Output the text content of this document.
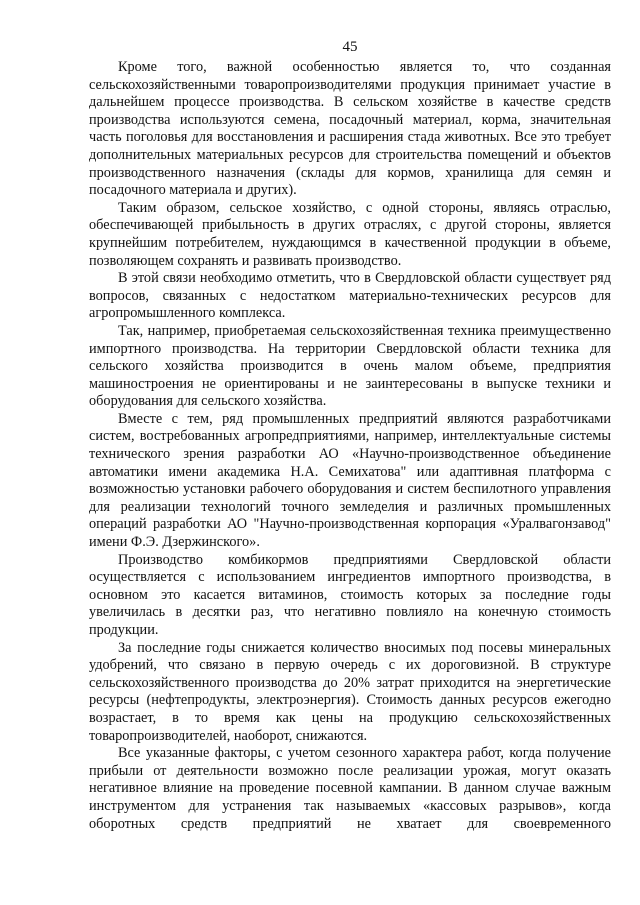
45

Кроме того, важной особенностью является то, что созданная сельскохозяйственными товаропроизводителями продукция принимает участие в дальнейшем процессе производства. В сельском хозяйстве в качестве средств производства используются семена, посадочный материал, корма, значительная часть поголовья для восстановления и расширения стада животных. Все это требует дополнительных материальных ресурсов для строительства помещений и объектов производственного назначения (склады для кормов, хранилища для семян и посадочного материала и других).

Таким образом, сельское хозяйство, с одной стороны, являясь отраслью, обеспечивающей прибыльность в других отраслях, с другой стороны, является крупнейшим потребителем, нуждающимся в качественной продукции в объеме, позволяющем сохранять и развивать производство.

В этой связи необходимо отметить, что в Свердловской области существует ряд вопросов, связанных с недостатком материально-технических ресурсов для агропромышленного комплекса.

Так, например, приобретаемая сельскохозяйственная техника преимущественно импортного производства. На территории Свердловской области техника для сельского хозяйства производится в очень малом объеме, предприятия машиностроения не ориентированы и не заинтересованы в выпуске техники и оборудования для сельского хозяйства.

Вместе с тем, ряд промышленных предприятий являются разработчиками систем, востребованных агропредприятиями, например, интеллектуальные системы технического зрения разработки АО «Научно-производственное объединение автоматики имени академика Н.А. Семихатова" или адаптивная платформа с возможностью установки рабочего оборудования и систем беспилотного управления для реализации технологий точного земледелия и различных промышленных операций разработки АО "Научно-производственная корпорация «Уралвагонзавод" имени Ф.Э. Дзержинского».

Производство комбикормов предприятиями Свердловской области осуществляется с использованием ингредиентов импортного производства, в основном это касается витаминов, стоимость которых за последние годы увеличилась в десятки раз, что негативно повлияло на конечную стоимость продукции.

За последние годы снижается количество вносимых под посевы минеральных удобрений, что связано в первую очередь с их дороговизной. В структуре сельскохозяйственного производства до 20% затрат приходится на энергетические ресурсы (нефтепродукты, электроэнергия). Стоимость данных ресурсов ежегодно возрастает, в то время как цены на продукцию сельскохозяйственных товаропроизводителей, наоборот, снижаются.

Все указанные факторы, с учетом сезонного характера работ, когда получение прибыли от деятельности возможно после реализации урожая, могут оказать негативное влияние на проведение посевной кампании. В данном случае важным инструментом для устранения так называемых «кассовых разрывов», когда оборотных средств предприятий не хватает для своевременного
